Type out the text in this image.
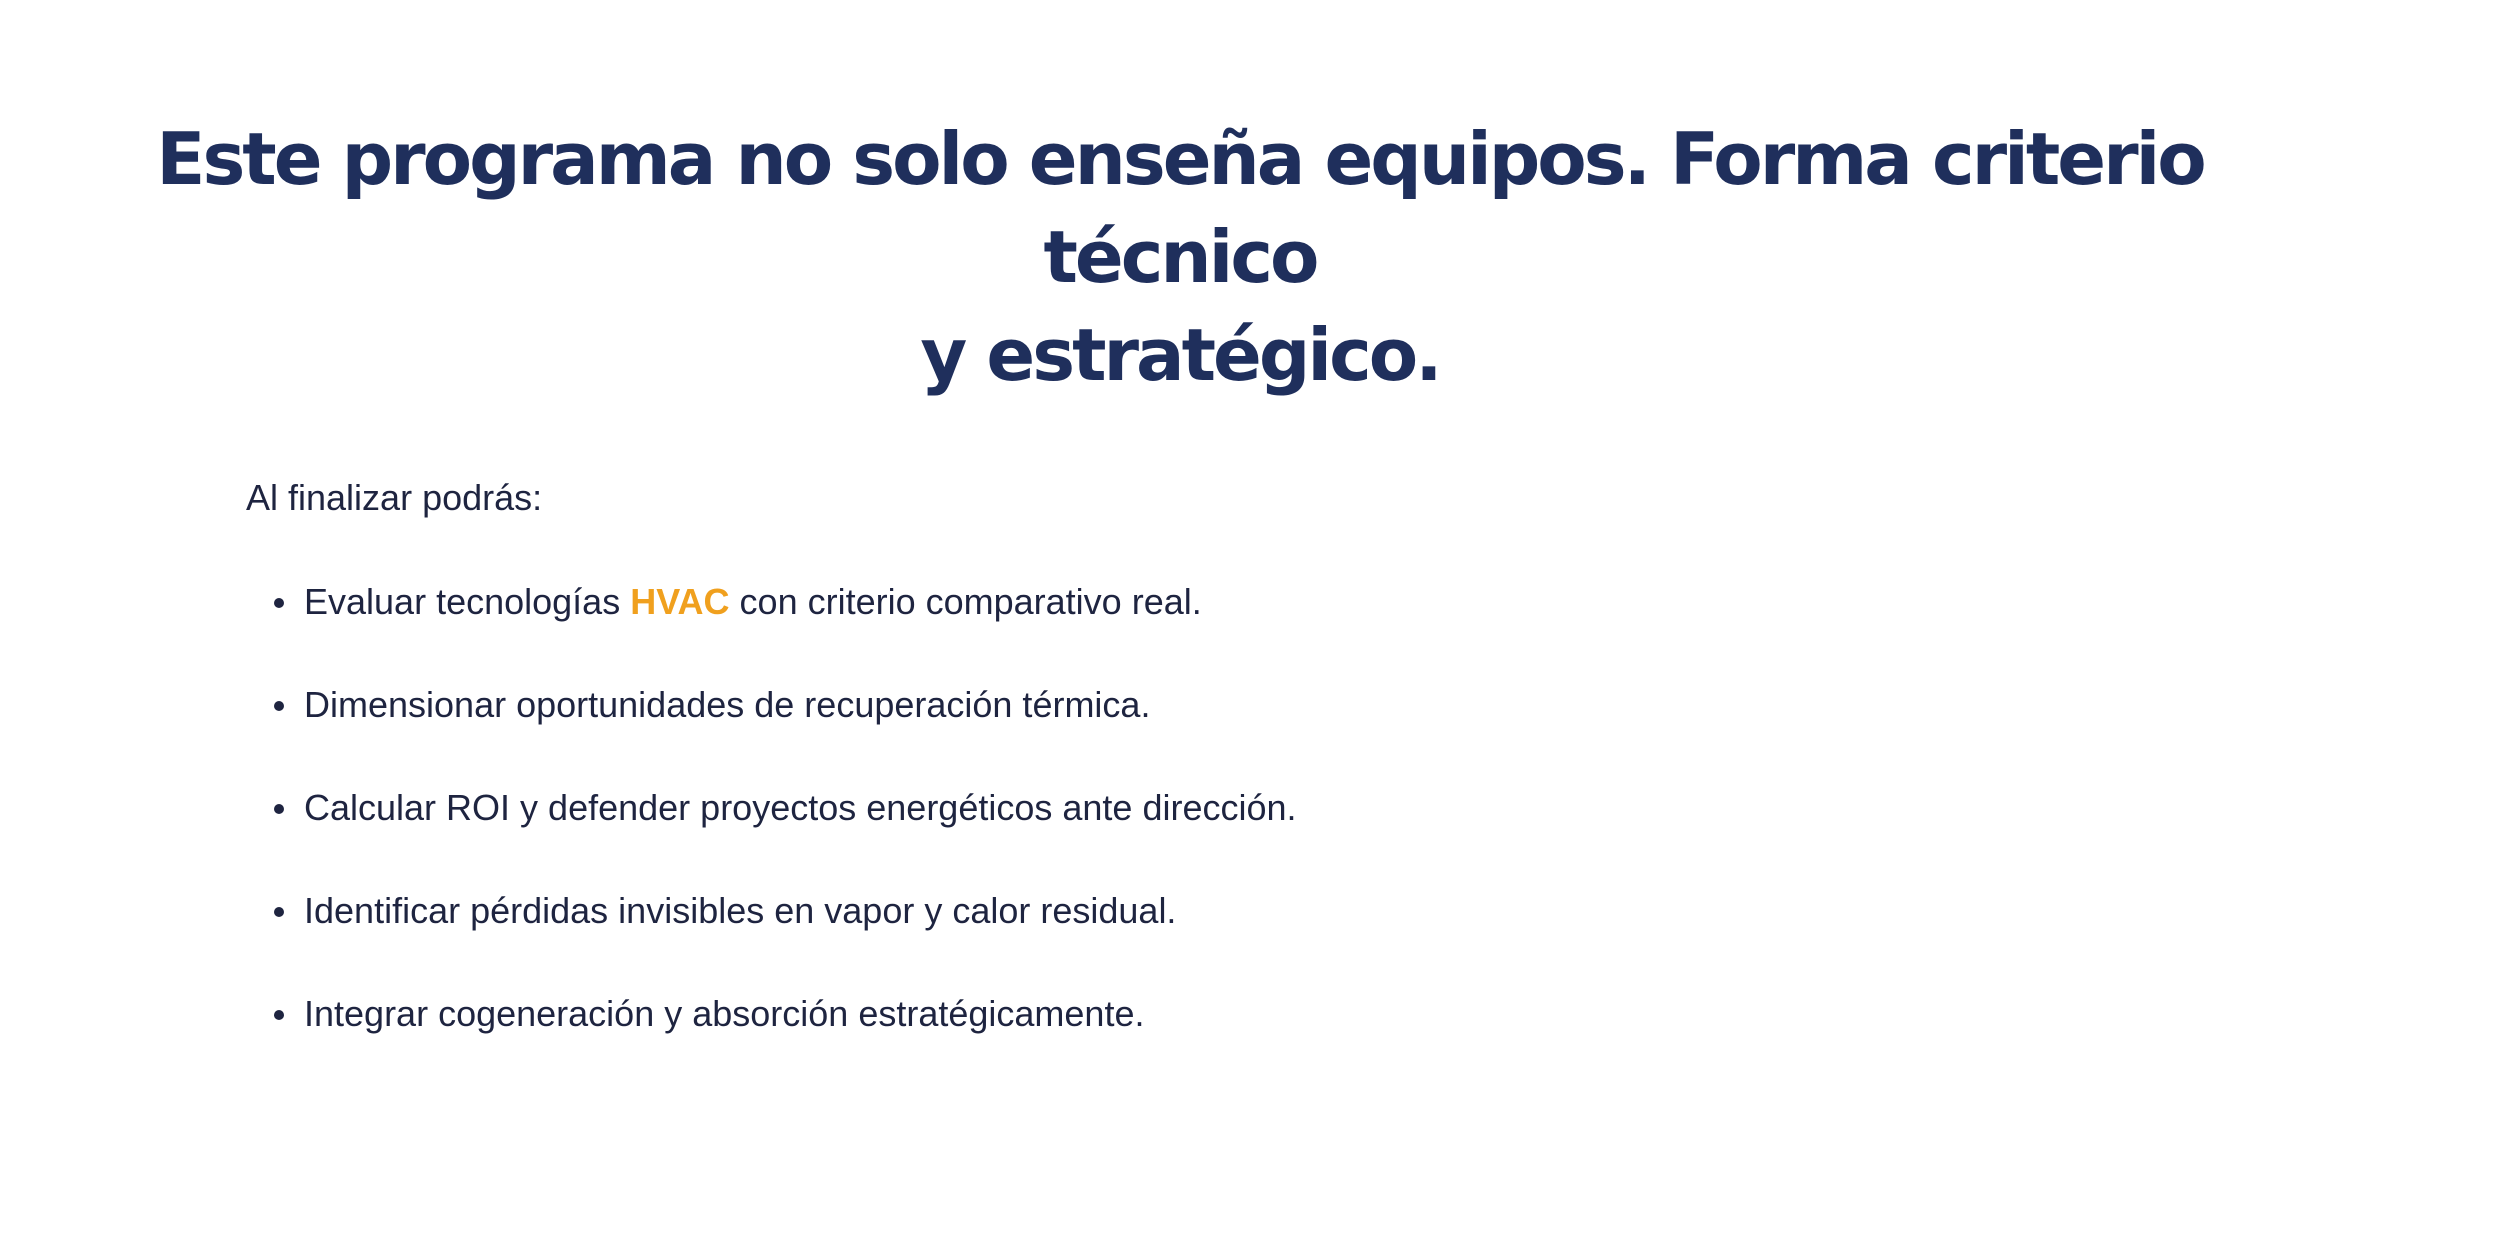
Este programa no solo enseña equipos. Forma criterio técnico
y estratégico.

Al finalizar podrás:

Evaluar tecnologías HVAC con criterio comparativo real.
Dimensionar oportunidades de recuperación térmica.
Calcular ROI y defender proyectos energéticos ante dirección.
Identificar pérdidas invisibles en vapor y calor residual.
Integrar cogeneración y absorción estratégicamente.
